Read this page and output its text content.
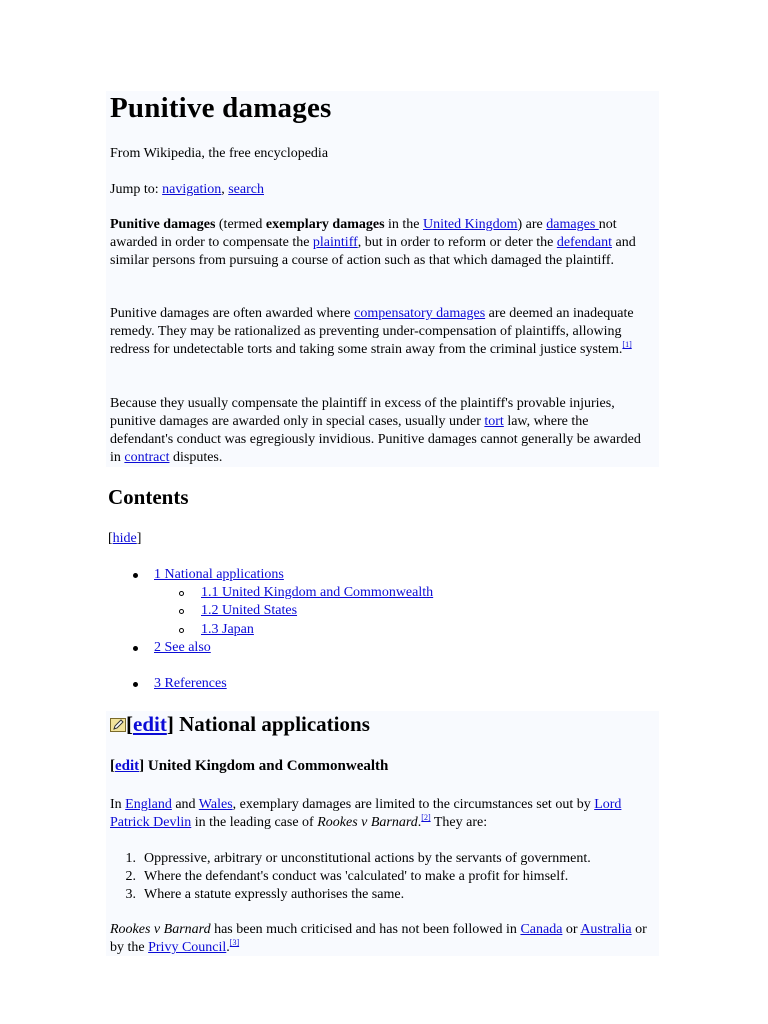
Punitive damages
From Wikipedia, the free encyclopedia
Jump to: navigation, search
Punitive damages (termed exemplary damages in the United Kingdom) are damages not awarded in order to compensate the plaintiff, but in order to reform or deter the defendant and similar persons from pursuing a course of action such as that which damaged the plaintiff.
Punitive damages are often awarded where compensatory damages are deemed an inadequate remedy. They may be rationalized as preventing under-compensation of plaintiffs, allowing redress for undetectable torts and taking some strain away from the criminal justice system.[1]
Because they usually compensate the plaintiff in excess of the plaintiff's provable injuries, punitive damages are awarded only in special cases, usually under tort law, where the defendant's conduct was egregiously invidious. Punitive damages cannot generally be awarded in contract disputes.
Contents
[hide]
1 National applications
1.1 United Kingdom and Commonwealth
1.2 United States
1.3 Japan
2 See also
3 References
[edit] National applications
[edit] United Kingdom and Commonwealth
In England and Wales, exemplary damages are limited to the circumstances set out by Lord Patrick Devlin in the leading case of Rookes v Barnard.[2] They are:
1. Oppressive, arbitrary or unconstitutional actions by the servants of government.
2. Where the defendant's conduct was 'calculated' to make a profit for himself.
3. Where a statute expressly authorises the same.
Rookes v Barnard has been much criticised and has not been followed in Canada or Australia or by the Privy Council.[3]
